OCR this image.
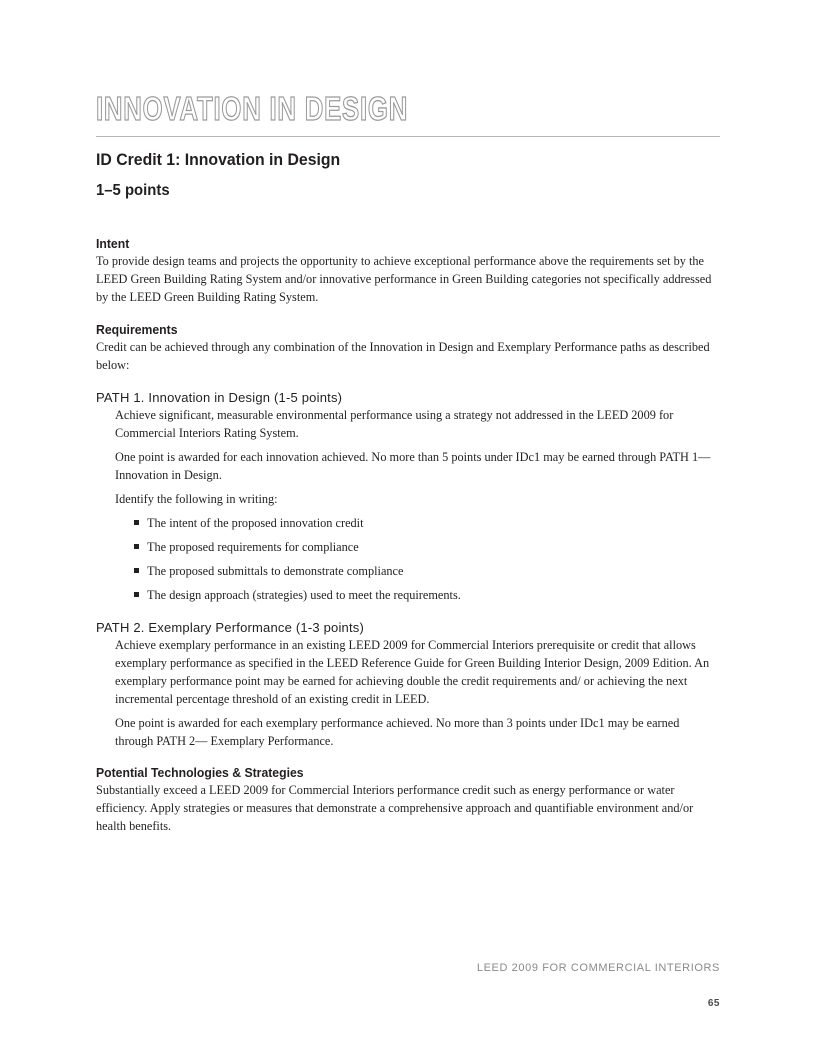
INNOVATION IN DESIGN
ID Credit 1: Innovation in Design
1–5 points
Intent

To provide design teams and projects the opportunity to achieve exceptional performance above the requirements set by the LEED Green Building Rating System and/or innovative performance in Green Building categories not specifically addressed by the LEED Green Building Rating System.

Requirements

Credit can be achieved through any combination of the Innovation in Design and Exemplary Performance paths as described below:

PATH 1. Innovation in Design (1-5 points)

Achieve significant, measurable environmental performance using a strategy not addressed in the LEED 2009 for Commercial Interiors Rating System.

One point is awarded for each innovation achieved. No more than 5 points under IDc1 may be earned through PATH 1—Innovation in Design.

Identify the following in writing:

The intent of the proposed innovation credit
The proposed requirements for compliance
The proposed submittals to demonstrate compliance
The design approach (strategies) used to meet the requirements.

PATH 2. Exemplary Performance (1-3 points)

Achieve exemplary performance in an existing LEED 2009 for Commercial Interiors prerequisite or credit that allows exemplary performance as specified in the LEED Reference Guide for Green Building Interior Design, 2009 Edition. An exemplary performance point may be earned for achieving double the credit requirements and/ or achieving the next incremental percentage threshold of an existing credit in LEED.

One point is awarded for each exemplary performance achieved. No more than 3 points under IDc1 may be earned through PATH 2— Exemplary Performance.

Potential Technologies & Strategies

Substantially exceed a LEED 2009 for Commercial Interiors performance credit such as energy performance or water efficiency. Apply strategies or measures that demonstrate a comprehensive approach and quantifiable environment and/or health benefits.

LEED 2009 FOR COMMERCIAL INTERIORS
65
